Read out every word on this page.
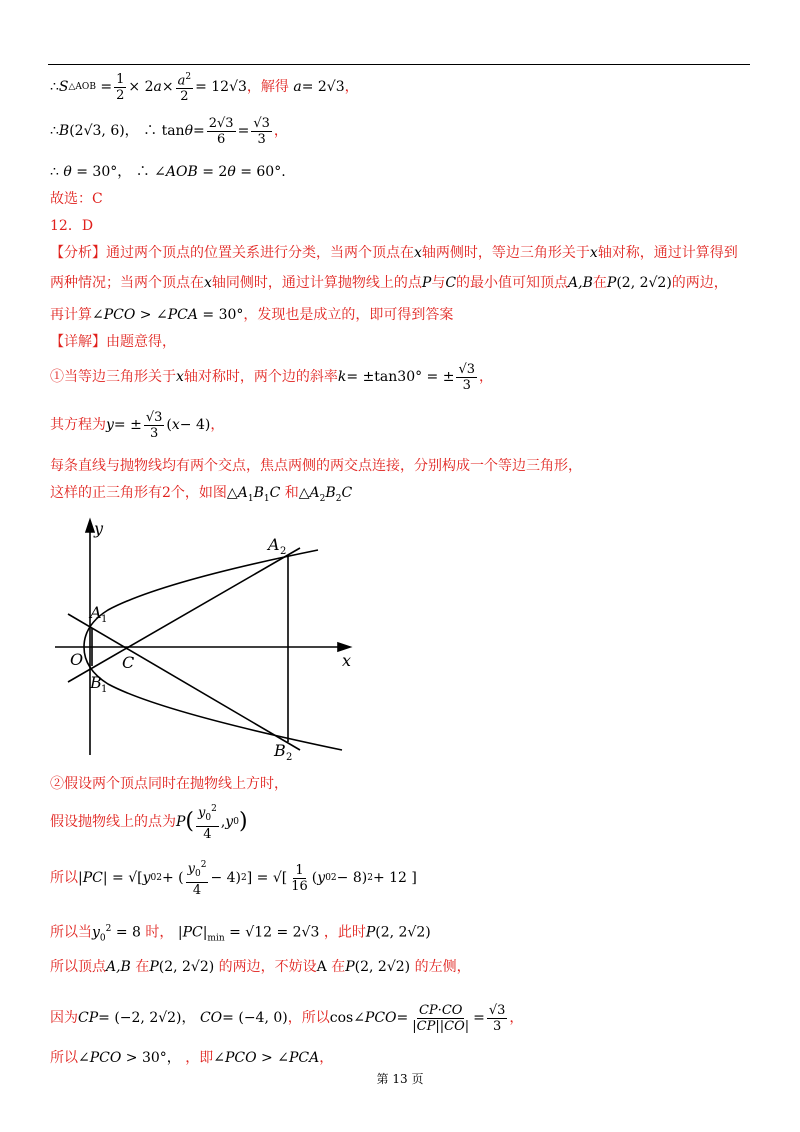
∴ S △AOB = $\frac{1}{2} \times 2$ $a \times \frac{a^2}{2} = 12√3$ ，解得 a = 2√3 ，
∴ B (2√3, 6)， ∴ $\tan \theta = \frac{2√3}{6} = \frac{√3}{3}$ ，
∴ θ = 30°， ∴ ∠AOB = 2θ = 60°.
故选：C
12．D
【分析】通过两个顶点的位置关系进行分类，当两个顶点在x轴两侧时，等边三角形关于x轴对称，通过计算得到
两种情况；当两个顶点在x轴同侧时，通过计算抛物线上的点P与C的最小值可知顶点A,B在P(2, 2√2)的两边，
再计算∠PCO > ∠PCA = 30°，发现也是成立的，即可得到答案
【详解】由题意得，
①当等边三角形关于 x 轴对称时，两个边的斜率 k = ±tan30° = ± $\frac{√3}{3}$ ，
其方程为 y = ± $\frac{√3}{3}$ ( x − 4) ，
每条直线与抛物线均有两个交点，焦点两侧的两交点连接，分别构成一个等边三角形，
这样的正三角形有2个，如图$\triangle A_1B_1C$ 和$\triangle A_2B_2C$
y
x
O C
A 1
B 1
A 2
B 2
②假设两个顶点同时在抛物线上方时，
假设抛物线上的点为 P ( $\frac{y_0^2}{4}$ , y 0 )
所以 | PC | = √[ y 0 2 + ( $\frac{y_0^2}{4} - 4$) 2 ] = √[ $\frac{1}{16}$ ( y 0 2 − 8) 2 + 12 ]
所以当$y_0^2 = 8$ 时， $|PC|_{min} = √12 = 2√3$ ，此时P(2, 2√2)
所以顶点A,B 在P(2, 2√2) 的两边，不妨设A 在P(2, 2√2) 的左侧，
因为 CP = (−2, 2√2)， CO = (−4, 0) ，所以 cos∠ PCO = $\frac{CP\cdot CO}{|CP||CO|} = \frac{√3}{3}$ ，
所以∠PCO > 30°， ，即∠PCO > ∠PCA，
第 13 页
